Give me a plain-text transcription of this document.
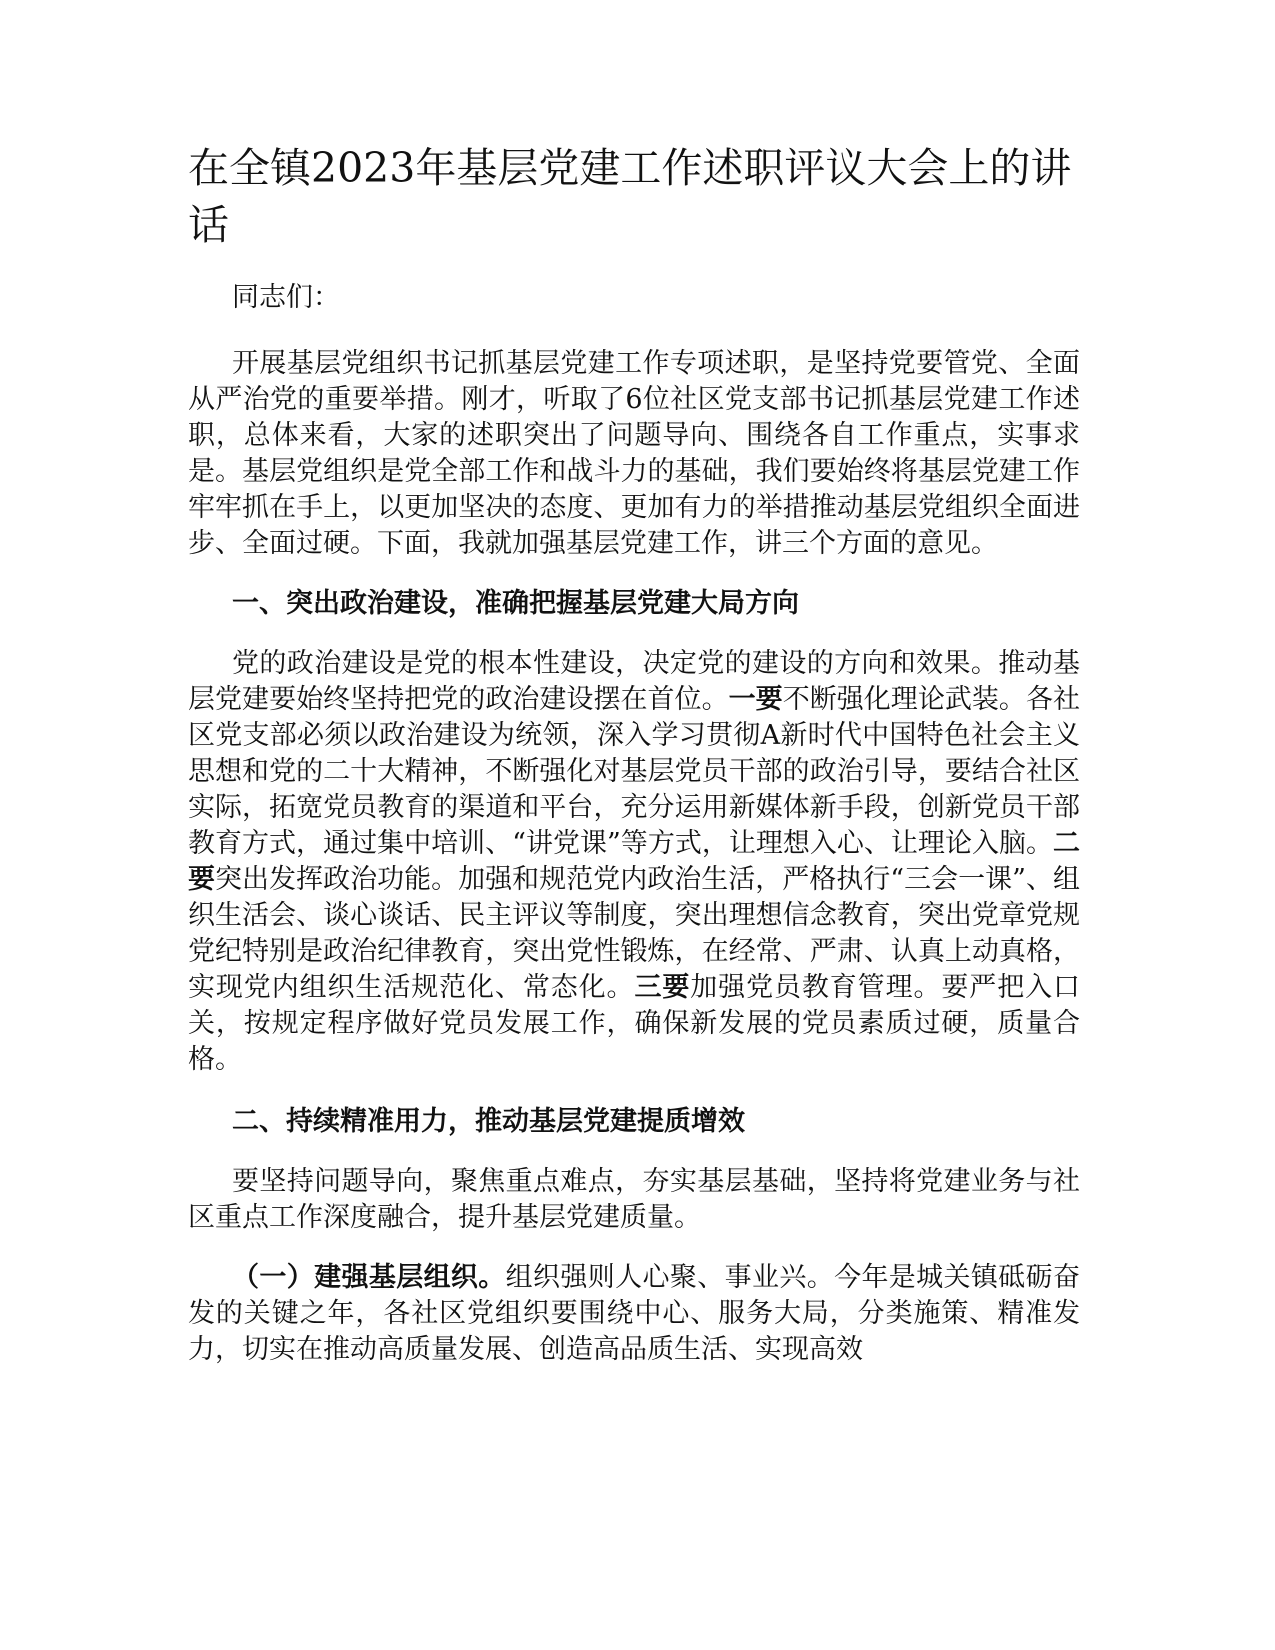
在全镇2023年基层党建工作述职评议大会上的讲话

同志们：

开展基层党组织书记抓基层党建工作专项述职，是坚持党要管党、全面从严治党的重要举措。刚才，听取了6位社区党支部书记抓基层党建工作述职，总体来看，大家的述职突出了问题导向、围绕各自工作重点，实事求是。基层党组织是党全部工作和战斗力的基础，我们要始终将基层党建工作牢牢抓在手上，以更加坚决的态度、更加有力的举措推动基层党组织全面进步、全面过硬。下面，我就加强基层党建工作，讲三个方面的意见。

一、突出政治建设，准确把握基层党建大局方向

党的政治建设是党的根本性建设，决定党的建设的方向和效果。推动基层党建要始终坚持把党的政治建设摆在首位。一要不断强化理论武装。各社区党支部必须以政治建设为统领，深入学习贯彻A新时代中国特色社会主义思想和党的二十大精神，不断强化对基层党员干部的政治引导，要结合社区实际，拓宽党员教育的渠道和平台，充分运用新媒体新手段，创新党员干部教育方式，通过集中培训、“讲党课”等方式，让理想入心、让理论入脑。二要突出发挥政治功能。加强和规范党内政治生活，严格执行“三会一课”、组织生活会、谈心谈话、民主评议等制度，突出理想信念教育，突出党章党规党纪特别是政治纪律教育，突出党性锻炼，在经常、严肃、认真上动真格，实现党内组织生活规范化、常态化。三要加强党员教育管理。要严把入口关，按规定程序做好党员发展工作，确保新发展的党员素质过硬，质量合格。

二、持续精准用力，推动基层党建提质增效

要坚持问题导向，聚焦重点难点，夯实基层基础，坚持将党建业务与社区重点工作深度融合，提升基层党建质量。

（一）建强基层组织。组织强则人心聚、事业兴。今年是城关镇砥砺奋发的关键之年，各社区党组织要围绕中心、服务大局，分类施策、精准发力，切实在推动高质量发展、创造高品质生活、实现高效
